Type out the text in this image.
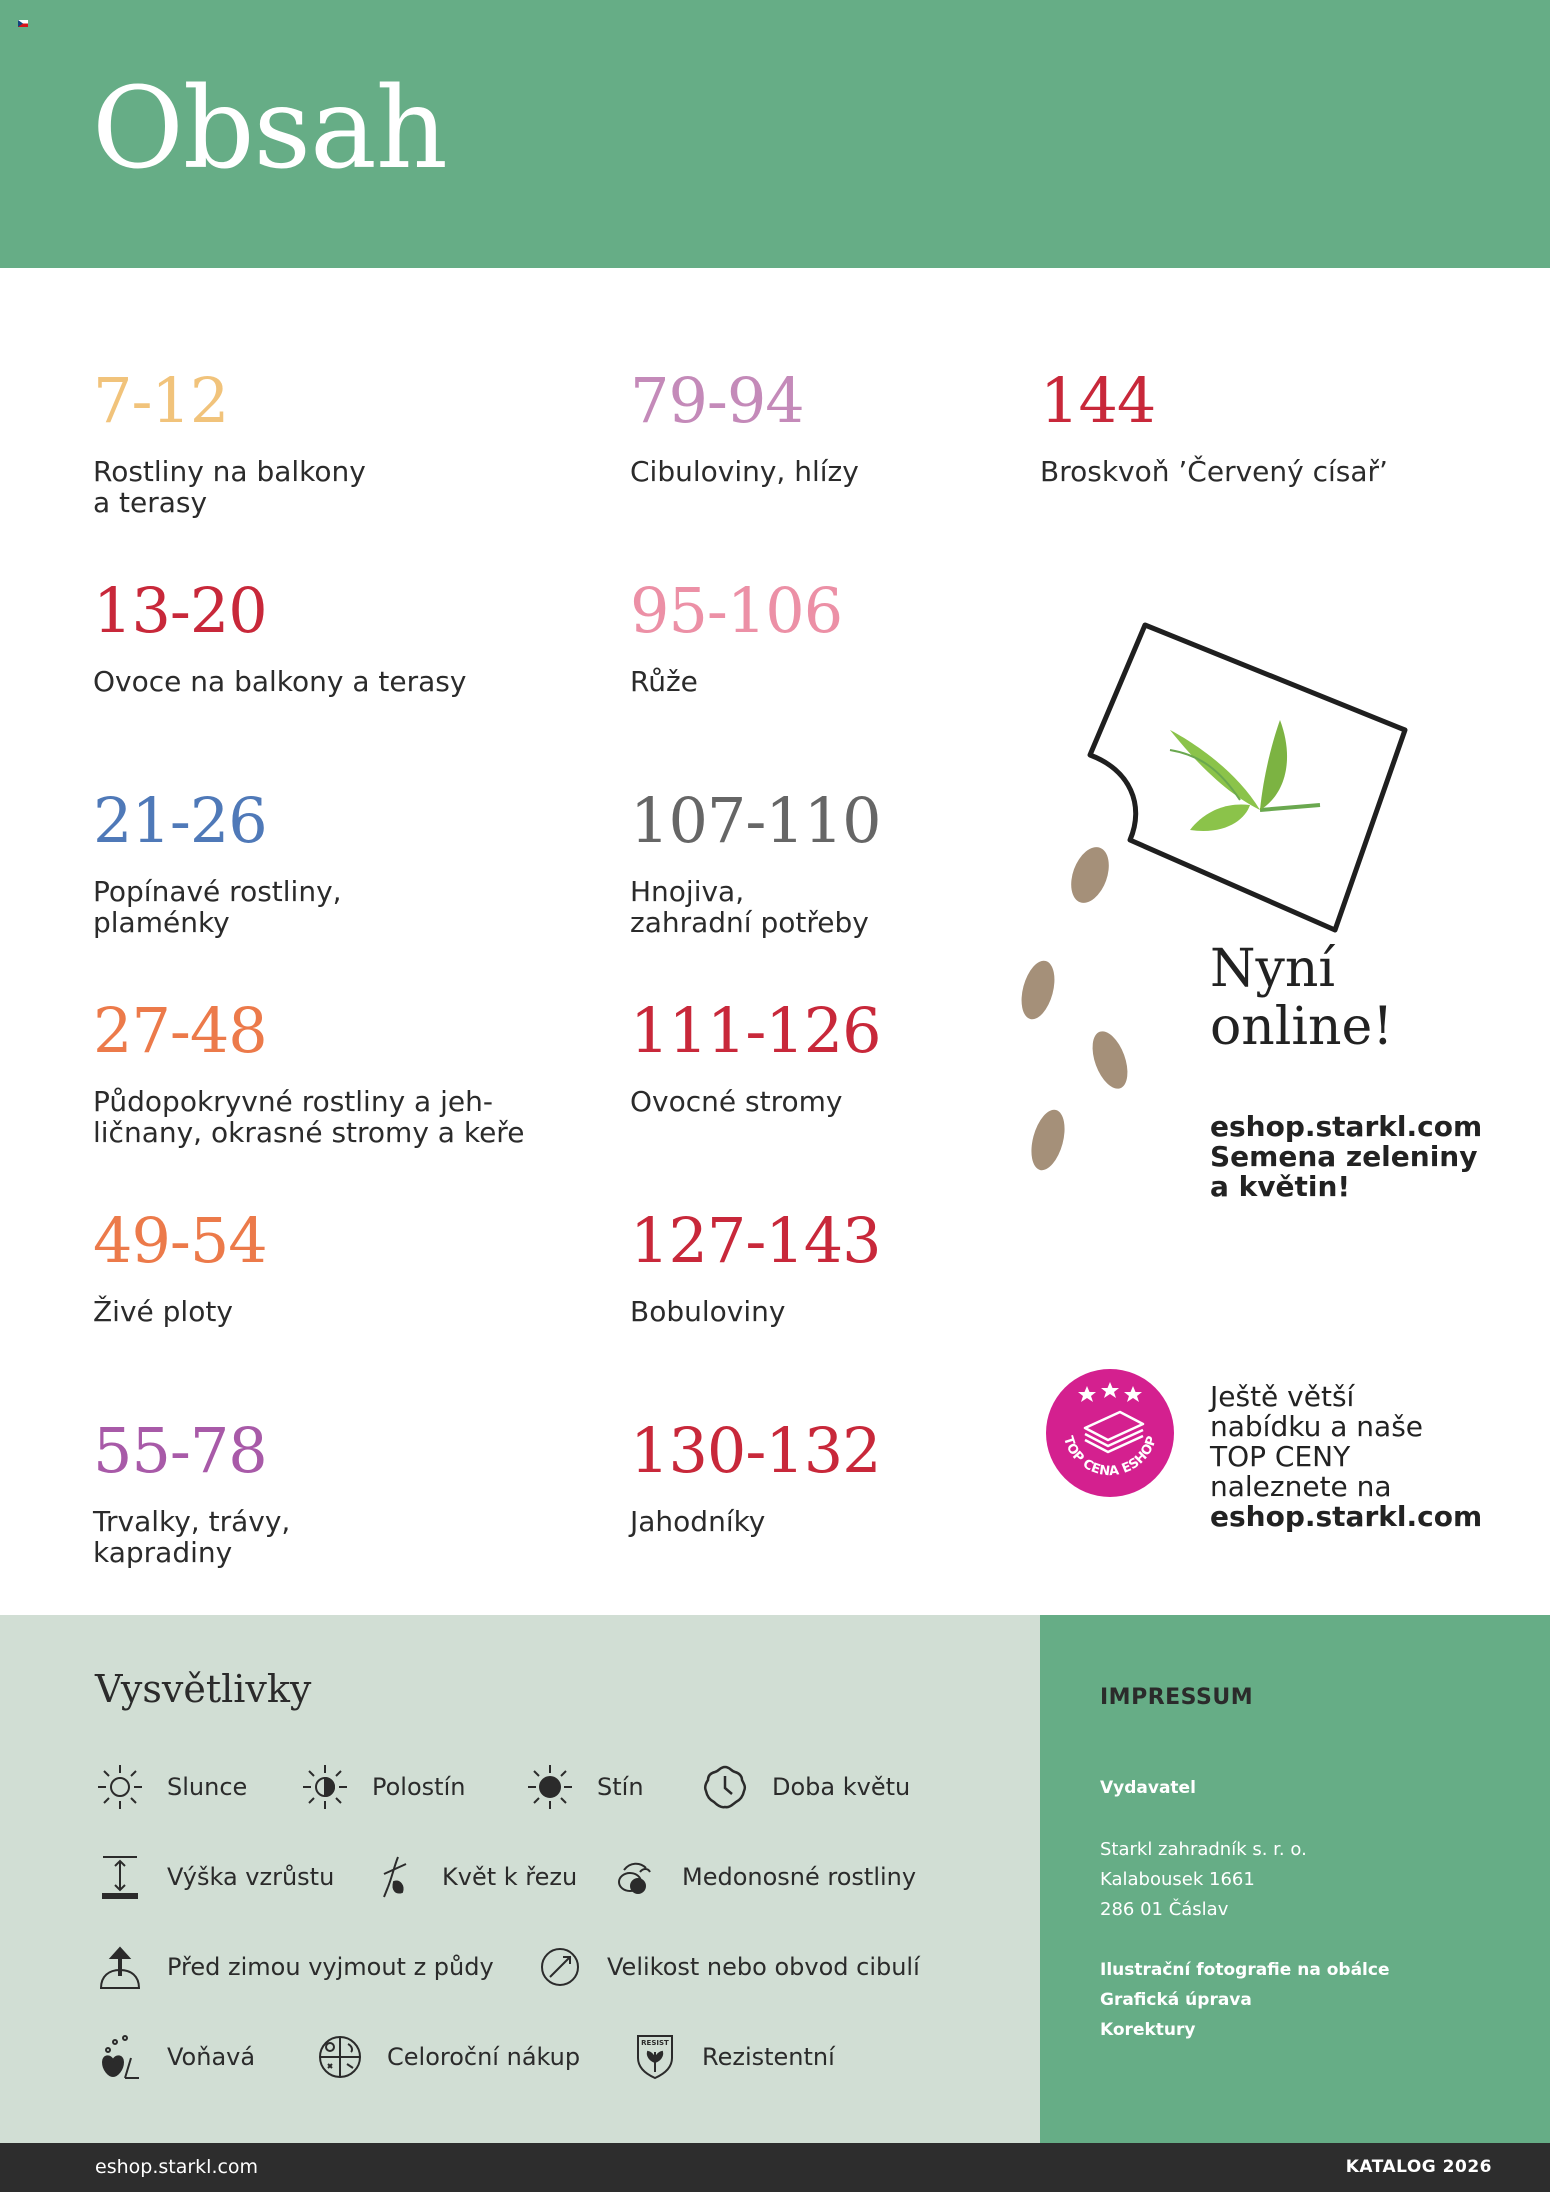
Obsah
7-12
Rostliny na balkony
a terasy
13-20
Ovoce na balkony a terasy
21-26
Popínavé rostliny,
plaménky
27-48
Půdopokryvné rostliny a jeh-
ličnany, okrasné stromy a keře
49-54
Živé ploty
55-78
Trvalky, trávy,
kapradiny
79-94
Cibuloviny, hlízy
95-106
Růže
107-110
Hnojiva,
zahradní potřeby
111-126
Ovocné stromy
127-143
Bobuloviny
130-132
Jahodníky
144
Broskvoň ’Červený císař’
Nyní
online!
eshop.starkl.com
Semena zeleniny
a květin!
TOP CENA ESHOP
Ještě větší
nabídku a naše
TOP CENY
naleznete na
eshop.starkl.com
Vysvětlivky
Slunce	Polostín	Stín	Doba květu
Výška vzrůstu	Květ k řezu	Medonosné rostliny
Před zimou vyjmout z půdy	Velikost nebo obvod cibulí
Voňavá	Celoroční nákup	RESIST Rezistentní
IMPRESSUM
Vydavatel
Starkl zahradník s. r. o.
Kalabousek 1661
286 01 Čáslav
Ilustrační fotografie na obálce
Grafická úprava
Korektury
eshop.starkl.com	KATALOG 2026
